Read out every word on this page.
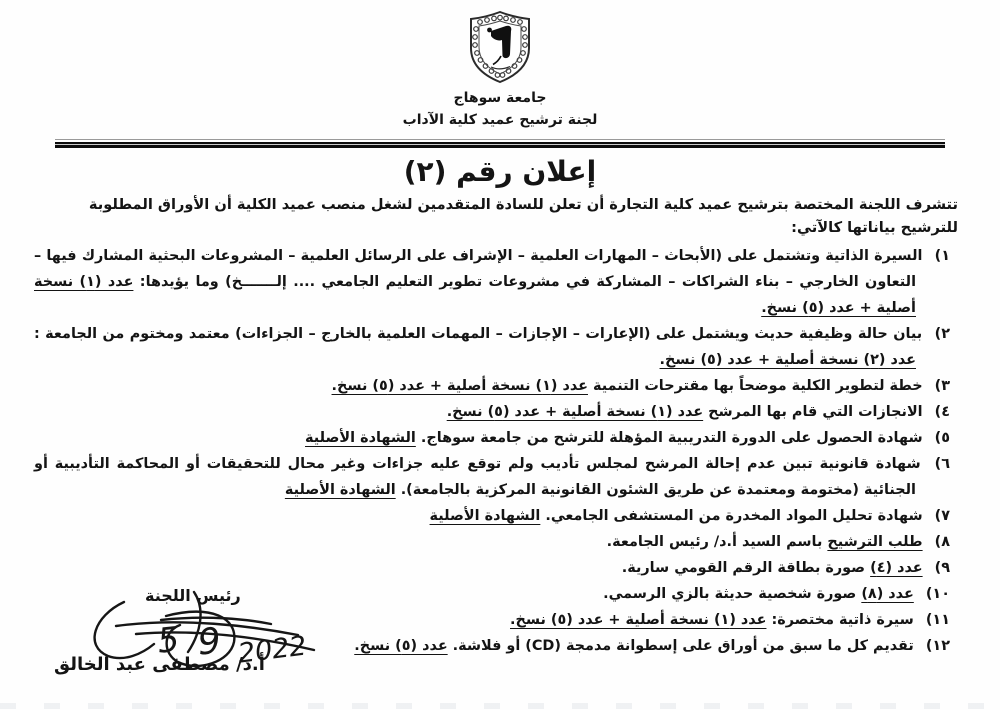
جامعة سوهاج
لجنة ترشيح عميد كلية الآداب
إعلان رقم (٢)
تتشرف اللجنة المختصة بترشيح عميد كلية التجارة أن تعلن للسادة المتقدمين لشغل منصب عميد الكلية أن الأوراق المطلوبة للترشيح بياناتها كالآتي:
١) السيرة الذاتية وتشتمل على (الأبحاث – المهارات العلمية – الإشراف على الرسائل العلمية – المشروعات البحثية المشارك فيها – التعاون الخارجي – بناء الشراكات – المشاركة في مشروعات تطوير التعليم الجامعي .... إلـــــــخ) وما يؤيدها: عدد (١) نسخة أصلية + عدد (٥) نسخ.
٢) بيان حالة وظيفية حديث ويشتمل على (الإعارات – الإجازات – المهمات العلمية بالخارج – الجزاءات) معتمد ومختوم من الجامعة : عدد (٢) نسخة أصلية + عدد (٥) نسخ.
٣) خطة لتطوير الكلية موضحاً بها مقترحات التنمية عدد (١) نسخة أصلية + عدد (٥) نسخ.
٤) الانجازات التي قام بها المرشح عدد (١) نسخة أصلية + عدد (٥) نسخ.
٥) شهادة الحصول على الدورة التدريبية المؤهلة للترشح من جامعة سوهاج. الشهادة الأصلية
٦) شهادة قانونية تبين عدم إحالة المرشح لمجلس تأديب ولم توقع عليه جزاءات وغير محال للتحقيقات أو المحاكمة التأديبية أو الجنائية (مختومة ومعتمدة عن طريق الشئون القانونية المركزية بالجامعة). الشهادة الأصلية
٧) شهادة تحليل المواد المخدرة من المستشفى الجامعي. الشهادة الأصلية
٨) طلب الترشيح باسم السيد أ.د/ رئيس الجامعة.
٩) عدد (٤) صورة بطاقة الرقم القومي سارية.
١٠) عدد (٨) صورة شخصية حديثة بالزي الرسمي.
١١) سيرة ذاتية مختصرة: عدد (١) نسخة أصلية + عدد (٥) نسخ.
١٢) تقديم كل ما سبق من أوراق على إسطوانة مدمجة (CD) أو فلاشة. عدد (٥) نسخ.
رئيس اللجنة
5 9 2022
أ.د/ مصطفى عبد الخالق
